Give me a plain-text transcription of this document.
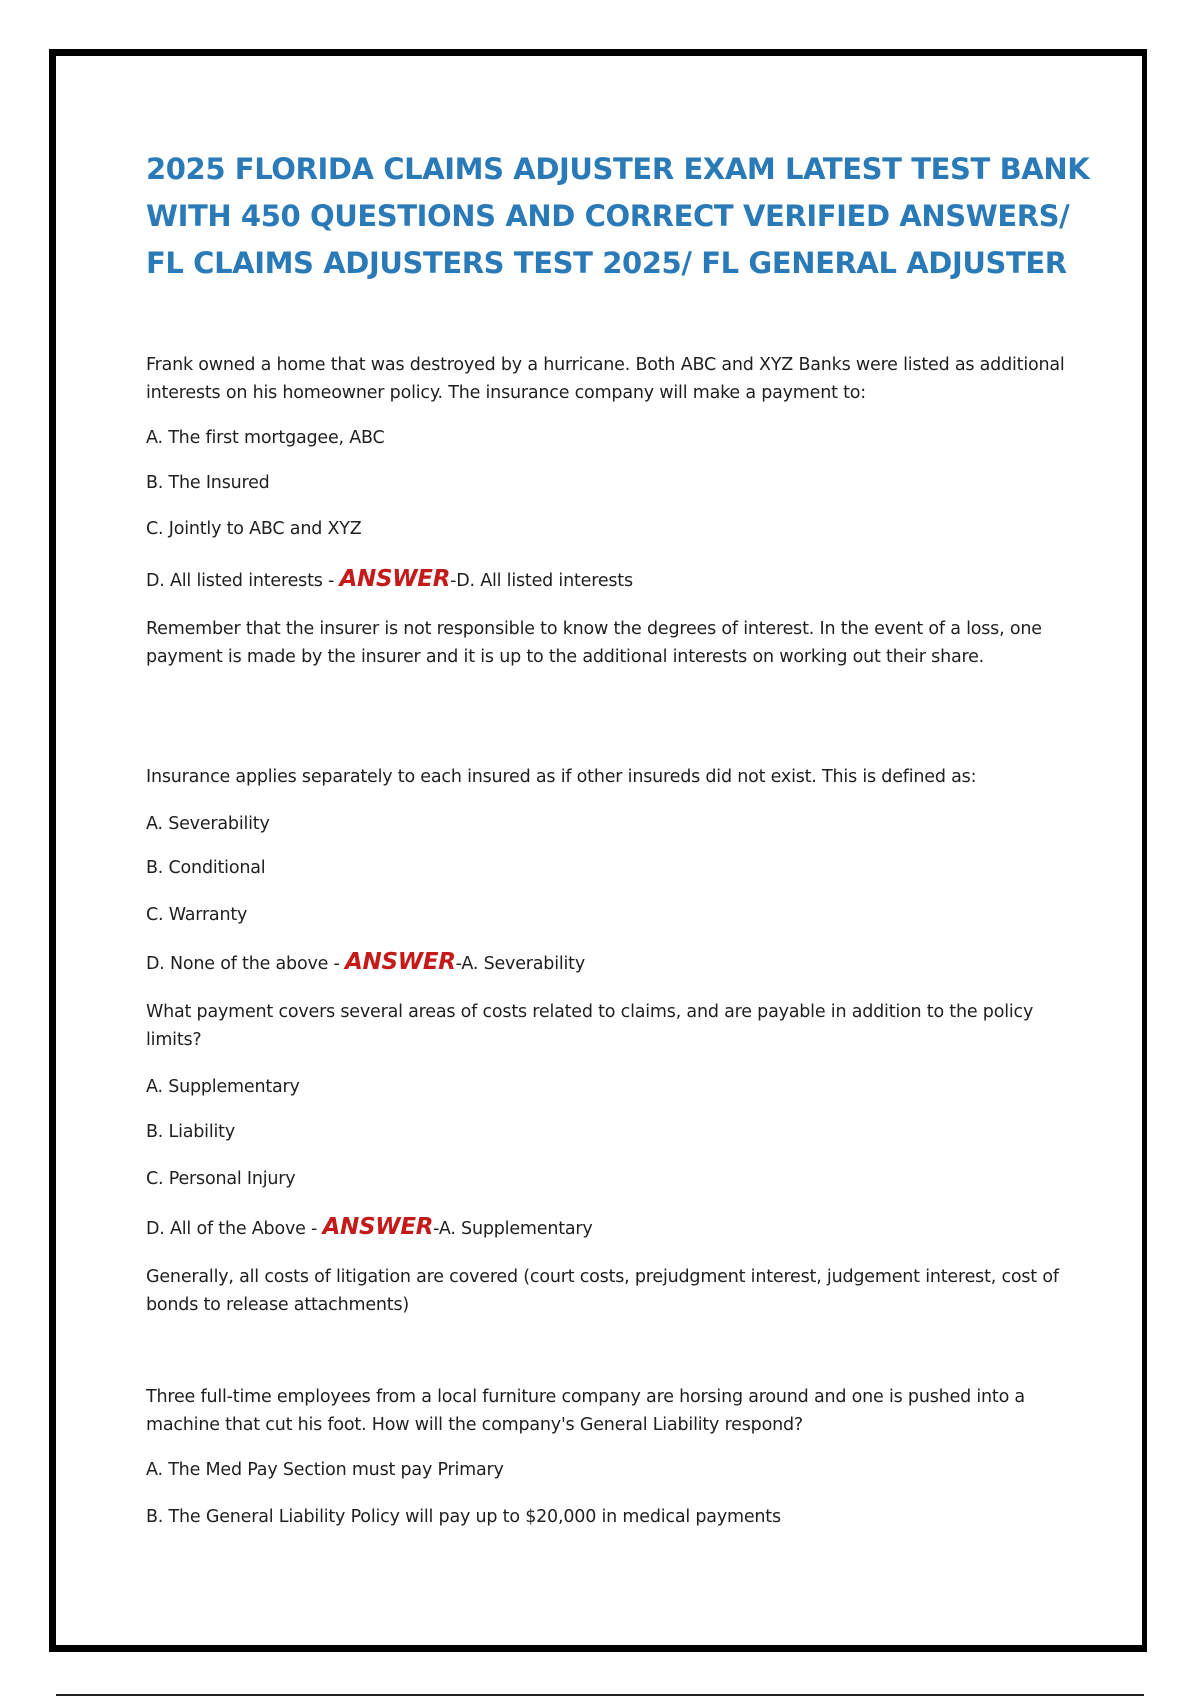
2025 FLORIDA CLAIMS ADJUSTER EXAM LATEST TEST BANK
WITH 450 QUESTIONS AND CORRECT VERIFIED ANSWERS/
FL CLAIMS ADJUSTERS TEST 2025/ FL GENERAL ADJUSTER

Frank owned a home that was destroyed by a hurricane. Both ABC and XYZ Banks were listed as additional interests on his homeowner policy. The insurance company will make a payment to:

A. The first mortgagee, ABC

B. The Insured

C. Jointly to ABC and XYZ

D. All listed interests - ANSWER-D. All listed interests

Remember that the insurer is not responsible to know the degrees of interest. In the event of a loss, one payment is made by the insurer and it is up to the additional interests on working out their share.

Insurance applies separately to each insured as if other insureds did not exist. This is defined as:

A. Severability

B. Conditional

C. Warranty

D. None of the above - ANSWER-A. Severability

What payment covers several areas of costs related to claims, and are payable in addition to the policy limits?

A. Supplementary

B. Liability

C. Personal Injury

D. All of the Above - ANSWER-A. Supplementary

Generally, all costs of litigation are covered (court costs, prejudgment interest, judgement interest, cost of bonds to release attachments)

Three full-time employees from a local furniture company are horsing around and one is pushed into a machine that cut his foot. How will the company's General Liability respond?

A. The Med Pay Section must pay Primary

B. The General Liability Policy will pay up to $20,000 in medical payments
